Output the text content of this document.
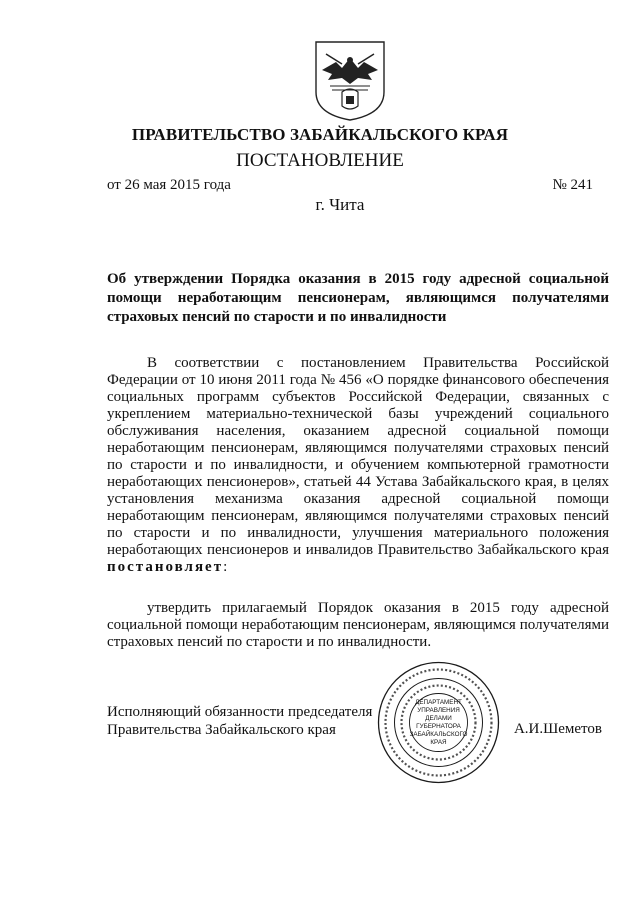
ПРАВИТЕЛЬСТВО ЗАБАЙКАЛЬСКОГО КРАЯ
ПОСТАНОВЛЕНИЕ
от 26 мая 2015 года	№ 241
г. Чита
Об утверждении Порядка оказания в 2015 году адресной социальной помощи неработающим пенсионерам, являющимся получателями страховых пенсий по старости и по инвалидности
В соответствии с постановлением Правительства Российской Федерации от 10 июня 2011 года № 456 «О порядке финансового обеспечения социальных программ субъектов Российской Федерации, связанных с укреплением материально-технической базы учреждений социального обслуживания населения, оказанием адресной социальной помощи неработающим пенсионерам, являющимся получателями страховых пенсий по старости и по инвалидности, и обучением компьютерной грамотности неработающих пенсионеров», статьей 44 Устава Забайкальского края, в целях установления механизма оказания адресной социальной помощи неработающим пенсионерам, являющимся получателями страховых пенсий по старости и по инвалидности, улучшения материального положения неработающих пенсионеров и инвалидов Правительство Забайкальского края постановляет:
утвердить прилагаемый Порядок оказания в 2015 году адресной социальной помощи неработающим пенсионерам, являющимся получателями страховых пенсий по старости и по инвалидности.
Исполняющий обязанности председателя
Правительства Забайкальского края
ДЕПАРТАМЕНТ
УПРАВЛЕНИЯ
ДЕЛАМИ
ГУБЕРНАТОРА
ЗАБАЙКАЛЬСКОГО
КРАЯ
А.И.Шеметов
